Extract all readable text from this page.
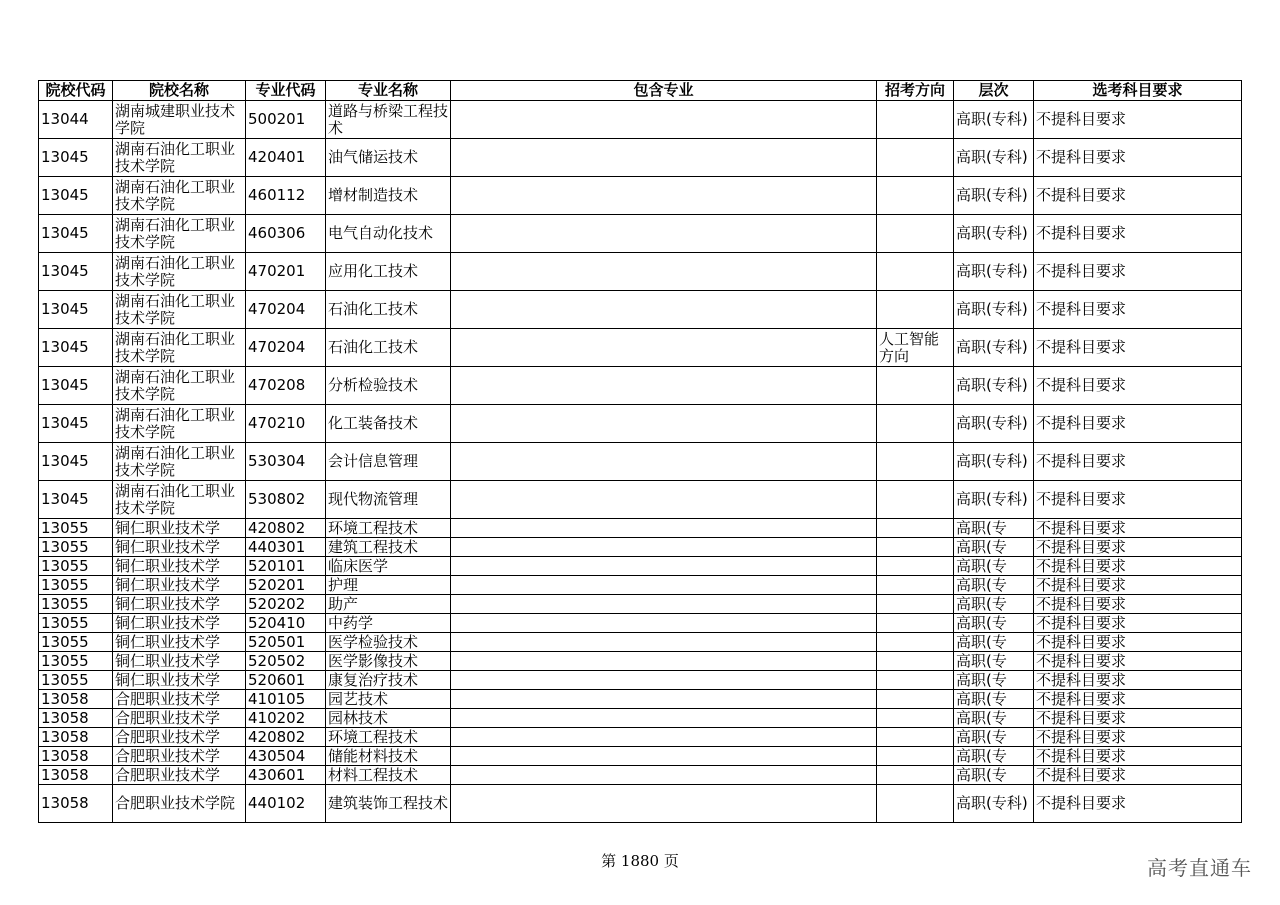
院校代码	院校名称	专业代码	专业名称	包含专业	招考方向	层次	选考科目要求
13044	湖南城建职业技术学院	500201	道路与桥梁工程技术			高职(专科)	不提科目要求
13045	湖南石油化工职业技术学院	420401	油气储运技术			高职(专科)	不提科目要求
13045	湖南石油化工职业技术学院	460112	增材制造技术			高职(专科)	不提科目要求
13045	湖南石油化工职业技术学院	460306	电气自动化技术			高职(专科)	不提科目要求
13045	湖南石油化工职业技术学院	470201	应用化工技术			高职(专科)	不提科目要求
13045	湖南石油化工职业技术学院	470204	石油化工技术			高职(专科)	不提科目要求
13045	湖南石油化工职业技术学院	470204	石油化工技术		人工智能方向	高职(专科)	不提科目要求
13045	湖南石油化工职业技术学院	470208	分析检验技术			高职(专科)	不提科目要求
13045	湖南石油化工职业技术学院	470210	化工装备技术			高职(专科)	不提科目要求
13045	湖南石油化工职业技术学院	530304	会计信息管理			高职(专科)	不提科目要求
13045	湖南石油化工职业技术学院	530802	现代物流管理			高职(专科)	不提科目要求

13055	铜仁职业技术学	420802	环境工程技术			高职(专	不提科目要求

13055	铜仁职业技术学	440301	建筑工程技术			高职(专	不提科目要求

13055	铜仁职业技术学	520101	临床医学			高职(专	不提科目要求

13055	铜仁职业技术学	520201	护理			高职(专	不提科目要求

13055	铜仁职业技术学	520202	助产			高职(专	不提科目要求

13055	铜仁职业技术学	520410	中药学			高职(专	不提科目要求

13055	铜仁职业技术学	520501	医学检验技术			高职(专	不提科目要求

13055	铜仁职业技术学	520502	医学影像技术			高职(专	不提科目要求

13055	铜仁职业技术学	520601	康复治疗技术			高职(专	不提科目要求

13058	合肥职业技术学	410105	园艺技术			高职(专	不提科目要求

13058	合肥职业技术学	410202	园林技术			高职(专	不提科目要求

13058	合肥职业技术学	420802	环境工程技术			高职(专	不提科目要求

13058	合肥职业技术学	430504	储能材料技术			高职(专	不提科目要求

13058	合肥职业技术学	430601	材料工程技术			高职(专	不提科目要求

13058	合肥职业技术学院	440102	建筑装饰工程技术			高职(专科)	不提科目要求
第 1880 页	高考直通车
